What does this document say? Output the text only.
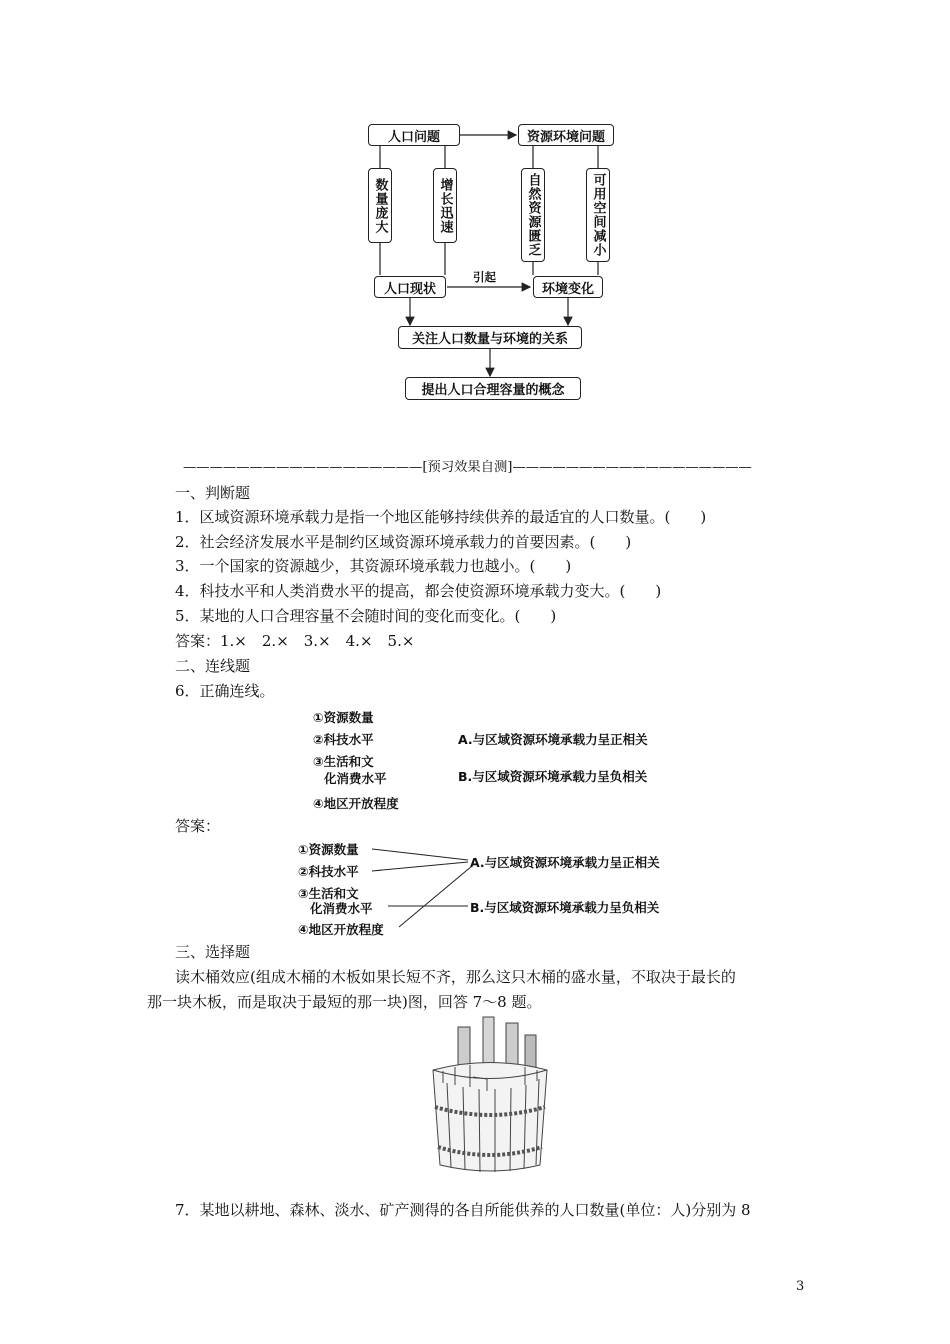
人口问题	资源环境问题
数量庞大	增长迅速	自然资源匮乏	可用空间减小
人口现状
引起
环境变化
关注人口数量与环境的关系
提出人口合理容量的概念
——————————————————[预习效果自测]——————————————————
一、判断题
1．区域资源环境承载力是指一个地区能够持续供养的最适宜的人口数量。(　　)
2．社会经济发展水平是制约区域资源环境承载力的首要因素。(　　)
3．一个国家的资源越少，其资源环境承载力也越小。(　　)
4．科技水平和人类消费水平的提高，都会使资源环境承载力变大。(　　)
5．某地的人口合理容量不会随时间的变化而变化。(　　)
答案：1.×　2.×　3.×　4.×　5.×
二、连线题
6．正确连线。
①资源数量
②科技水平
③生活和文
化消费水平
④地区开放程度
A.与区域资源环境承载力呈正相关
B.与区域资源环境承载力呈负相关
答案：
①资源数量
②科技水平
③生活和文
化消费水平
④地区开放程度
A.与区域资源环境承载力呈正相关
B.与区域资源环境承载力呈负相关
三、选择题
读木桶效应(组成木桶的木板如果长短不齐，那么这只木桶的盛水量，不取决于最长的
那一块木板，而是取决于最短的那一块)图，回答 7～8 题。
7．某地以耕地、森林、淡水、矿产测得的各自所能供养的人口数量(单位：人)分别为 8
3
